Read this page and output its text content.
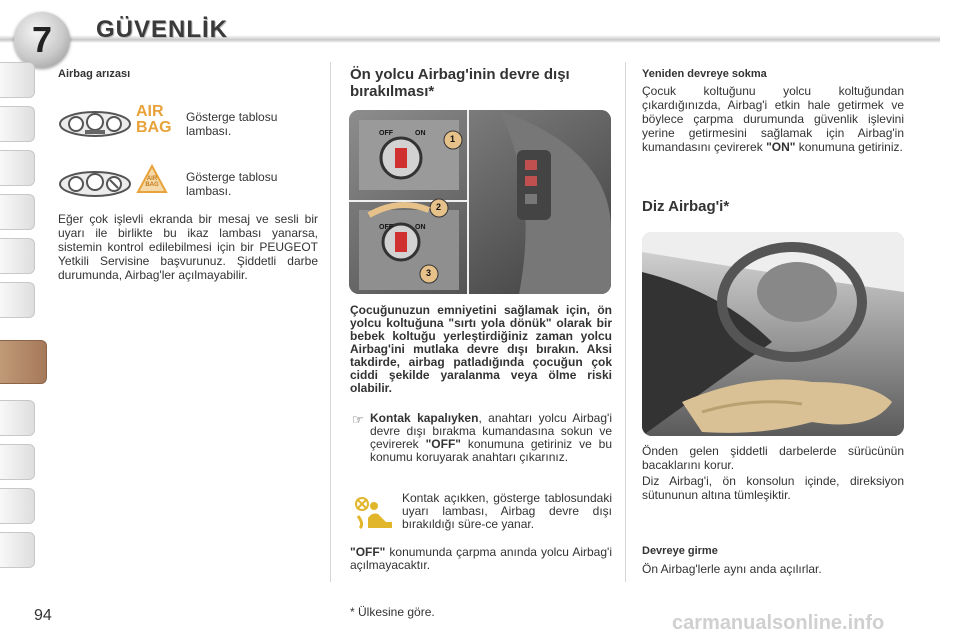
7 GÜVENLİK
Airbag arızası
AIR BAG
Gösterge tablosu lambası.
AIR BAG
Gösterge tablosu lambası.
Eğer çok işlevli ekranda bir mesaj ve sesli bir uyarı ile birlikte bu ikaz lambası yanarsa, sistemin kontrol edilebilmesi için bir PEUGEOT Yetkili Servisine başvurunuz. Şiddetli darbe durumunda, Airbag'ler açılmayabilir.
Ön yolcu Airbag'inin devre dışı bırakılması*
OFF	ON
1
OFF	ON
2
3
Çocuğunuzun emniyetini sağlamak için, ön yolcu koltuğuna "sırtı yola dönük" olarak bir bebek koltuğu yerleştirdiğiniz zaman yolcu Airbag'ini mutlaka devre dışı bırakın. Aksi takdirde, airbag patladığında çocuğun çok ciddi şekilde yaralanma veya ölme riski olabilir.
☞ Kontak kapalıyken, anahtarı yolcu Airbag'i devre dışı bırakma kumandasına sokun ve çevirerek "OFF" konumuna getiriniz ve bu konumu koruyarak anahtarı çıkarınız.
Kontak açıkken, gösterge tablosundaki uyarı lambası, Airbag devre dışı bırakıldığı süre-ce yanar.
"OFF" konumunda çarpma anında yolcu Airbag'i açılmayacaktır.
* Ülkesine göre.
Yeniden devreye sokma
Çocuk koltuğunu yolcu koltuğundan çıkardığınızda, Airbag'i etkin hale getirmek ve böylece çarpma durumunda güvenlik işlevini yerine getirmesini sağlamak için Airbag'in kumandasını çevirerek "ON" konumuna getiriniz.
Diz Airbag'i*
Önden gelen şiddetli darbelerde sürücünün bacaklarını korur.
Diz Airbag'i, ön konsolun içinde, direksiyon sütununun altına tümleşiktir.
Devreye girme
Ön Airbag'lerle aynı anda açılırlar.
94	carmanualsonline.info
